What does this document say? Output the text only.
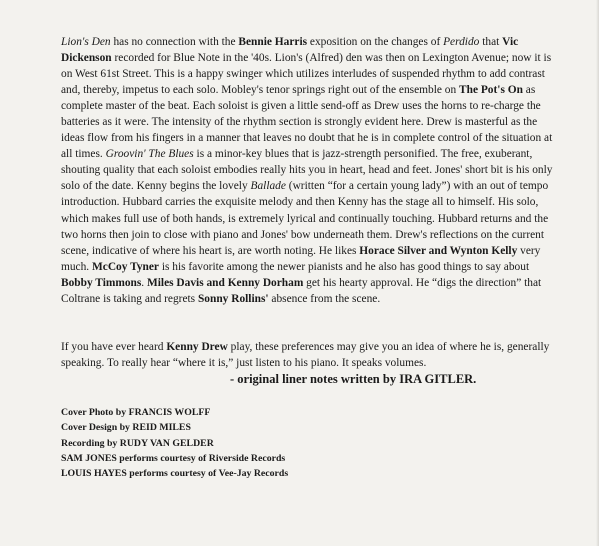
Lion's Den has no connection with the Bennie Harris exposition on the changes of Perdido that Vic Dickenson recorded for Blue Note in the '40s. Lion's (Alfred) den was then on Lexington Avenue; now it is on West 61st Street. This is a happy swinger which utilizes interludes of suspended rhythm to add contrast and, thereby, impetus to each solo. Mobley's tenor springs right out of the ensemble on The Pot's On as complete master of the beat. Each soloist is given a little send-off as Drew uses the horns to re-charge the batteries as it were. The intensity of the rhythm section is strongly evident here. Drew is masterful as the ideas flow from his fingers in a manner that leaves no doubt that he is in complete control of the situation at all times. Groovin' The Blues is a minor-key blues that is jazz-strength personified. The free, exuberant, shouting quality that each soloist embodies really hits you in heart, head and feet. Jones' short bit is his only solo of the date. Kenny begins the lovely Ballade (written “for a certain young lady”) with an out of tempo introduction. Hubbard carries the exquisite melody and then Kenny has the stage all to himself. His solo, which makes full use of both hands, is extremely lyrical and continually touching. Hubbard returns and the two horns then join to close with piano and Jones' bow underneath them. Drew's reflections on the current scene, indicative of where his heart is, are worth noting. He likes Horace Silver and Wynton Kelly very much. McCoy Tyner is his favorite among the newer pianists and he also has good things to say about Bobby Timmons. Miles Davis and Kenny Dorham get his hearty approval. He “digs the direction” that Coltrane is taking and regrets Sonny Rollins' absence from the scene.

If you have ever heard Kenny Drew play, these preferences may give you an idea of where he is, generally speaking. To really hear “where it is,” just listen to his piano. It speaks volumes.

- original liner notes written by IRA GITLER.

Cover Photo by FRANCIS WOLFF
Cover Design by REID MILES
Recording by RUDY VAN GELDER
SAM JONES performs courtesy of Riverside Records
LOUIS HAYES performs courtesy of Vee-Jay Records
